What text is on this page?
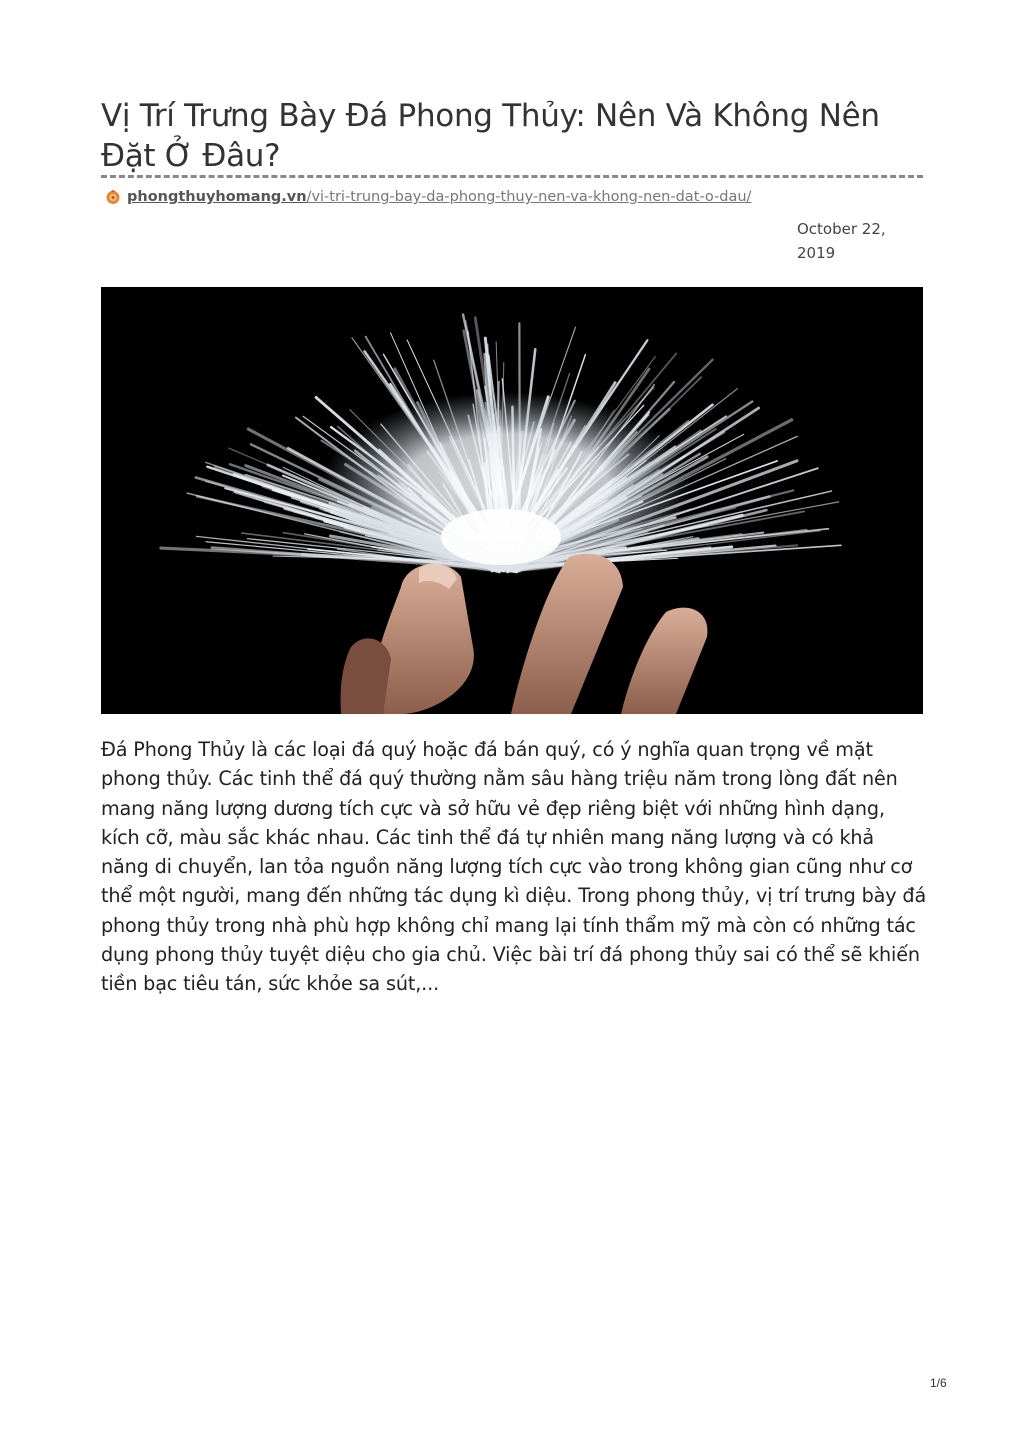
Vị Trí Trưng Bày Đá Phong Thủy: Nên Và Không Nên Đặt Ở Đâu?
phongthuyhomang.vn /vi-tri-trung-bay-da-phong-thuy-nen-va-khong-nen-dat-o-dau/
October 22, 2019

Đá Phong Thủy là các loại đá quý hoặc đá bán quý, có ý nghĩa quan trọng về mặt phong thủy. Các tinh thể đá quý thường nằm sâu hàng triệu năm trong lòng đất nên mang năng lượng dương tích cực và sở hữu vẻ đẹp riêng biệt với những hình dạng, kích cỡ, màu sắc khác nhau. Các tinh thể đá tự nhiên mang năng lượng và có khả năng di chuyển, lan tỏa nguồn năng lượng tích cực vào trong không gian cũng như cơ thể một người, mang đến những tác dụng kì diệu. Trong phong thủy, vị trí trưng bày đá phong thủy trong nhà phù hợp không chỉ mang lại tính thẩm mỹ mà còn có những tác dụng phong thủy tuyệt diệu cho gia chủ. Việc bài trí đá phong thủy sai có thể sẽ khiến tiền bạc tiêu tán, sức khỏe sa sút,...

1/6
